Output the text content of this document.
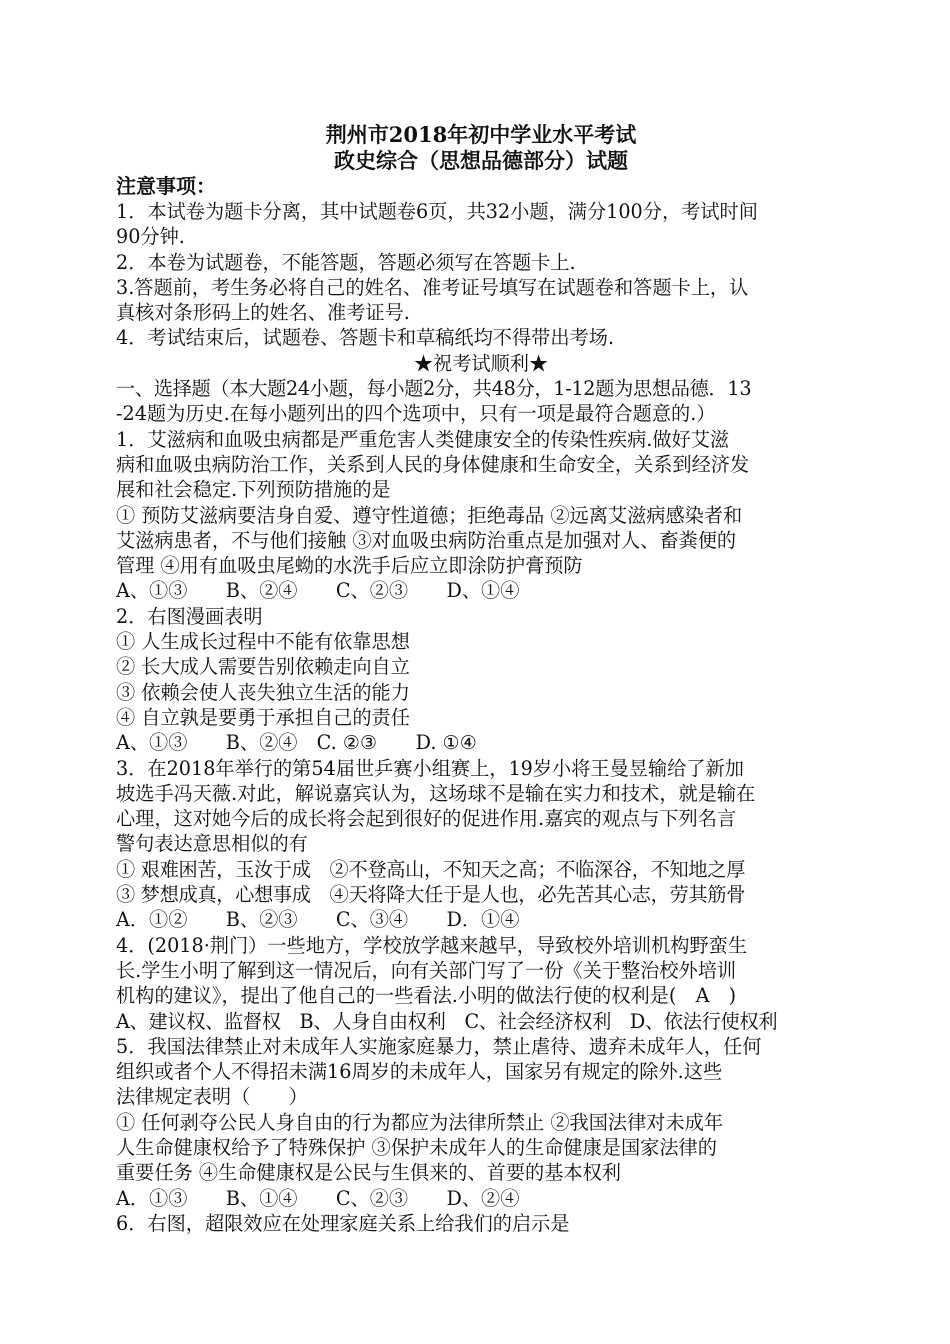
荆州市2018年初中学业水平考试

政史综合（思想品德部分）试题

注意事项：

1．本试卷为题卡分离，其中试题卷6页，共32小题，满分100分，考试时间

90分钟.

2．本卷为试题卷，不能答题，答题必须写在答题卡上.

3.答题前，考生务必将自己的姓名、准考证号填写在试题卷和答题卡上，认

真核对条形码上的姓名、准考证号.

4．考试结束后，试题卷、答题卡和草稿纸均不得带出考场.

★祝考试顺利★

一、选择题（本大题24小题，每小题2分，共48分，1-12题为思想品德．13

-24题为历史.在每小题列出的四个选项中，只有一项是最符合题意的.）

1．艾滋病和血吸虫病都是严重危害人类健康安全的传染性疾病.做好艾滋

病和血吸虫病防治工作，关系到人民的身体健康和生命安全，关系到经济发

展和社会稳定.下列预防措施的是

① 预防艾滋病要洁身自爱、遵守性道德；拒绝毒品 ②远离艾滋病感染者和

艾滋病患者，不与他们接触 ③对血吸虫病防治重点是加强对人、畜粪便的

管理 ④用有血吸虫尾蚴的水洗手后应立即涂防护膏预防

A、①③　　B、②④　　C、②③　　D、①④

2．右图漫画表明

① 人生成长过程中不能有依靠思想

② 长大成人需要告别依赖走向自立

③ 依赖会使人丧失独立生活的能力

④ 自立孰是要勇于承担自己的责任

A、①③　　B、②④　C. ②③　　D. ①④

3．在2018年举行的第54届世乒赛小组赛上，19岁小将王曼昱输给了新加

坡选手冯天薇.对此，解说嘉宾认为，这场球不是输在实力和技术，就是输在

心理，这对她今后的成长将会起到很好的促进作用.嘉宾的观点与下列名言

警句表达意思相似的有

① 艰难困苦，玉汝于成　②不登高山，不知天之高；不临深谷，不知地之厚

③ 梦想成真，心想事成　④天将降大任于是人也，必先苦其心志，劳其筋骨

A．①②　　B、②③　　C、③④　　D．①④

4．(2018·荆门）一些地方，学校放学越来越早，导致校外培训机构野蛮生

长.学生小明了解到这一情况后，向有关部门写了一份《关于整治校外培训

机构的建议》，提出了他自己的一些看法.小明的做法行使的权利是(　A　)

A、建议权、监督权　B、人身自由权利　C、社会经济权利　D、依法行使权利

5．我国法律禁止对未成年人实施家庭暴力，禁止虐待、遗弃未成年人，任何

组织或者个人不得招未满16周岁的未成年人，国家另有规定的除外.这些

法律规定表明（　　）

① 任何剥夺公民人身自由的行为都应为法律所禁止 ②我国法律对未成年

人生命健康权给予了特殊保护 ③保护未成年人的生命健康是国家法律的

重要任务 ④生命健康权是公民与生俱来的、首要的基本权利

A．①③　　B、①④　　C、②③　　D、②④

6．右图，超限效应在处理家庭关系上给我们的启示是
